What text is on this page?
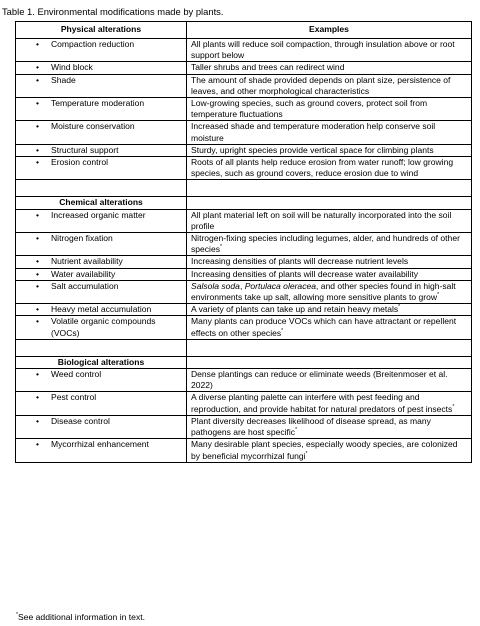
Table 1. Environmental modifications made by plants.
Physical alterations	Examples
• Compaction reduction	All plants will reduce soil compaction, through insulation above or root support below
• Wind block	Taller shrubs and trees can redirect wind
• Shade	The amount of shade provided depends on plant size, persistence of leaves, and other morphological characteristics
• Temperature moderation	Low-growing species, such as ground covers, protect soil from temperature fluctuations
• Moisture conservation	Increased shade and temperature moderation help conserve soil moisture
• Structural support	Sturdy, upright species provide vertical space for climbing plants
• Erosion control	Roots of all plants help reduce erosion from water runoff; low growing species, such as ground covers, reduce erosion due to wind

Chemical alterations	
• Increased organic matter	All plant material left on soil will be naturally incorporated into the soil profile
• Nitrogen fixation	Nitrogen-fixing species including legumes, alder, and hundreds of other species*
• Nutrient availability	Increasing densities of plants will decrease nutrient levels
• Water availability	Increasing densities of plants will decrease water availability
• Salt accumulation	Salsola soda, Portulaca oleracea, and other species found in high-salt environments take up salt, allowing more sensitive plants to grow*
• Heavy metal accumulation	A variety of plants can take up and retain heavy metals*
• Volatile organic compounds (VOCs)	Many plants can produce VOCs which can have attractant or repellent effects on other species*

Biological alterations	
• Weed control	Dense plantings can reduce or eliminate weeds (Breitenmoser et al. 2022)
• Pest control	A diverse planting palette can interfere with pest feeding and reproduction, and provide habitat for natural predators of pest insects*
• Disease control	Plant diversity decreases likelihood of disease spread, as many pathogens are host specific*
• Mycorrhizal enhancement	Many desirable plant species, especially woody species, are colonized by beneficial mycorrhizal fungi*
*See additional information in text.
